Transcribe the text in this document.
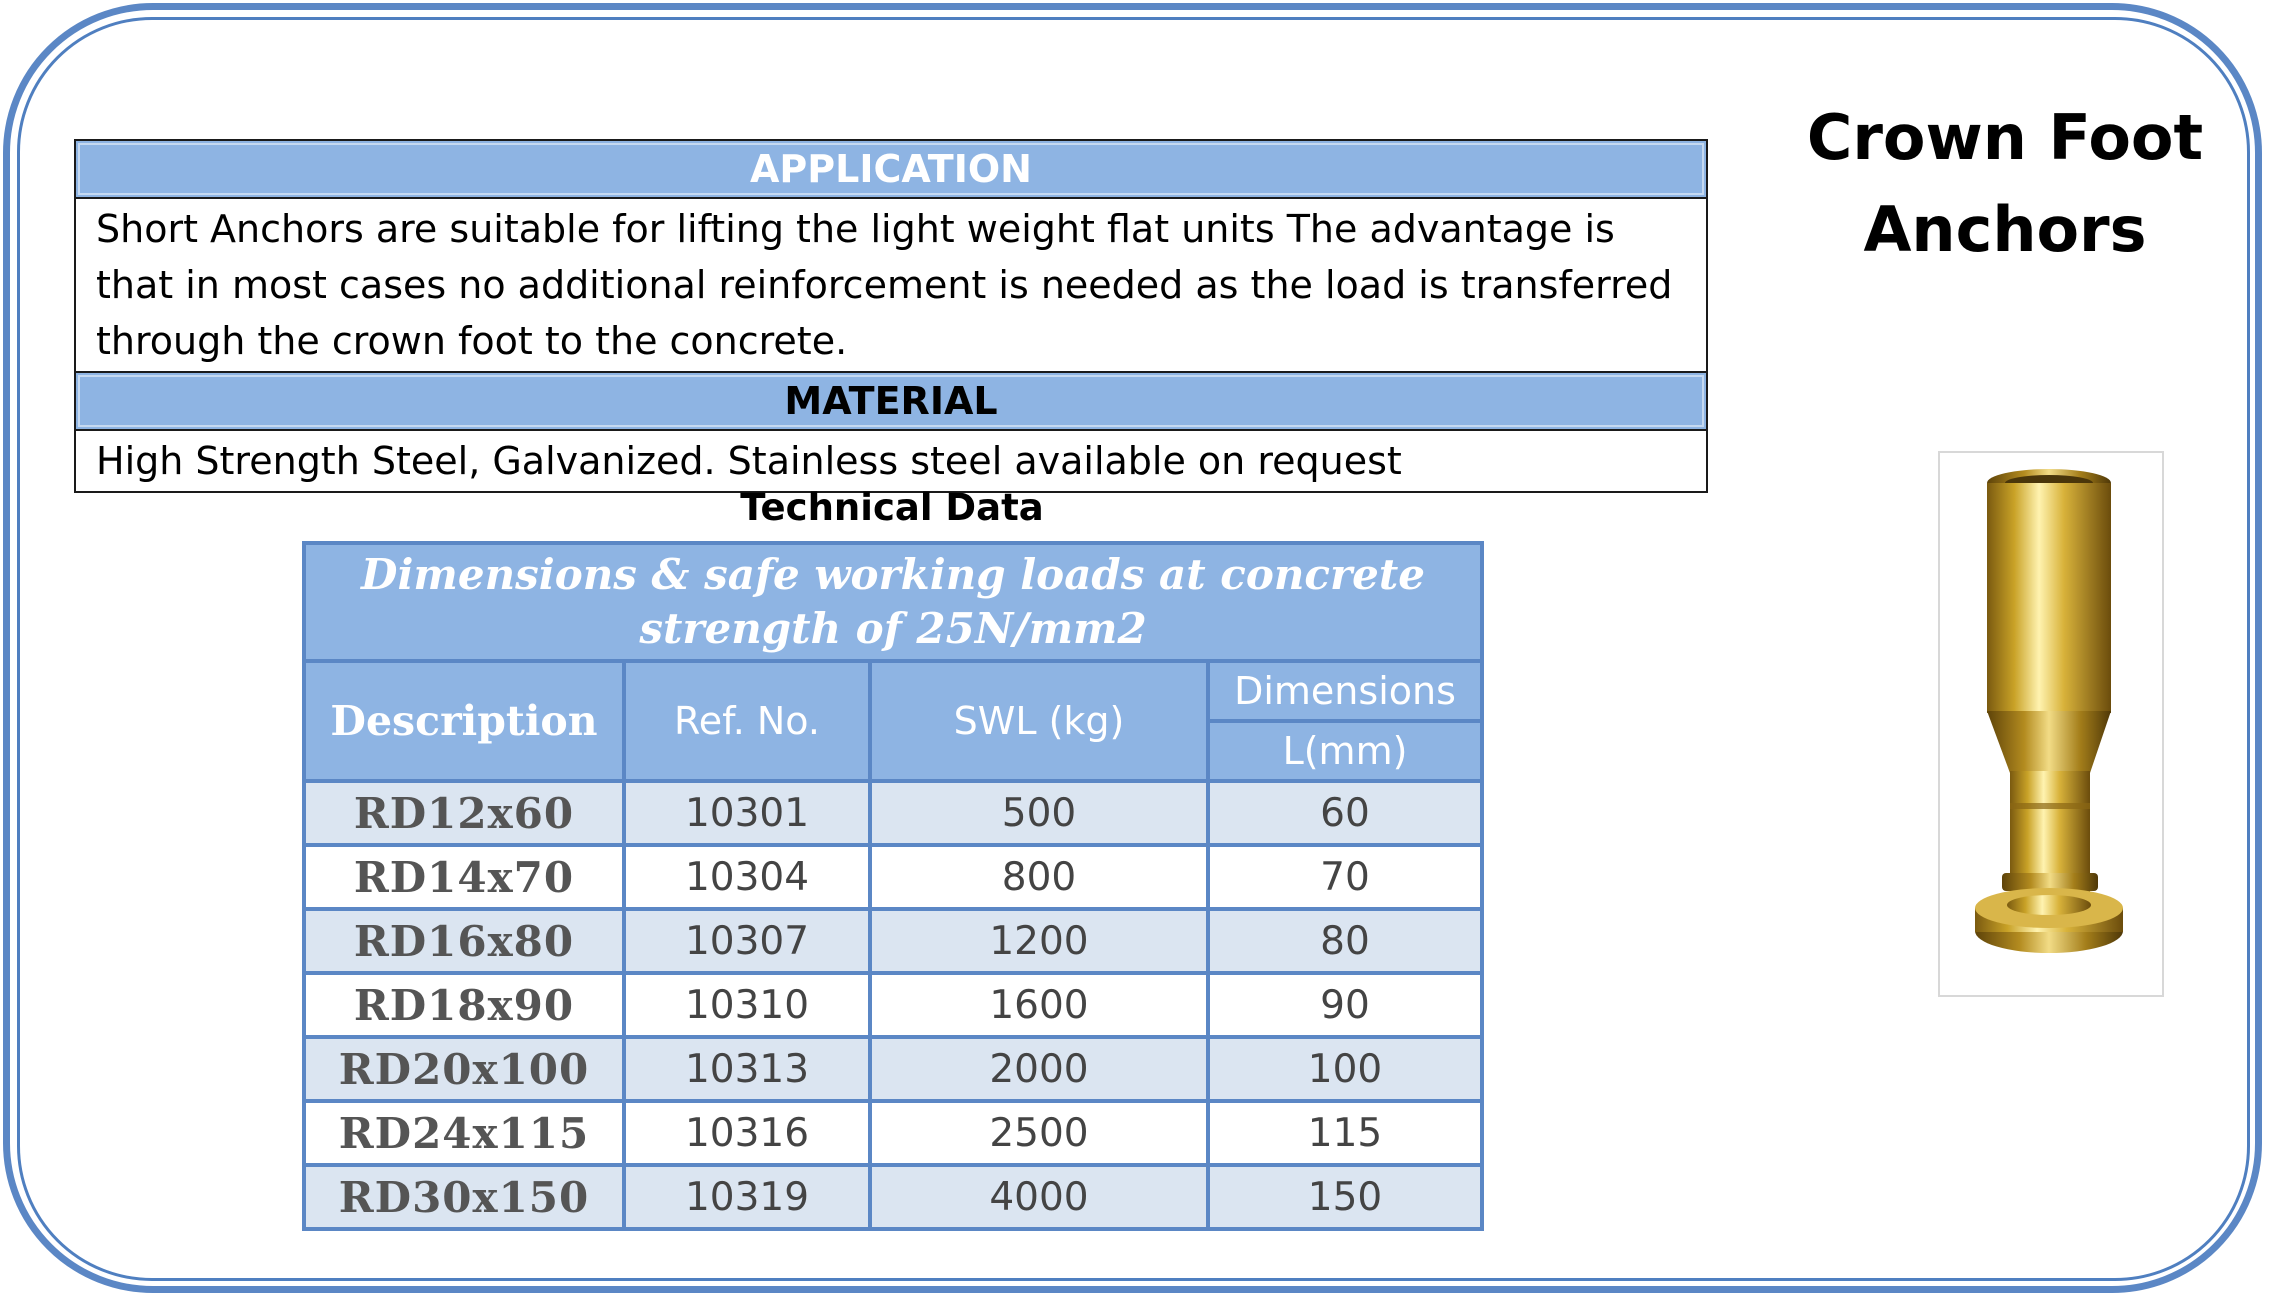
APPLICATION

Short Anchors are suitable for lifting the light weight flat units The advantage is that in most cases no additional reinforcement is needed as the load is transferred through the crown foot to the concrete.

MATERIAL

High Strength Steel, Galvanized. Stainless steel available on request
Technical Data
Dimensions & safe working loads at concrete strength of 25N/mm2			
Description	Ref. No.	SWL (kg)	Dimensions
			L(mm)
RD12x60	10301	500	60
RD14x70	10304	800	70
RD16x80	10307	1200	80
RD18x90	10310	1600	90
RD20x100	10313	2000	100
RD24x115	10316	2500	115
RD30x150	10319	4000	150
Crown Foot
Anchors
